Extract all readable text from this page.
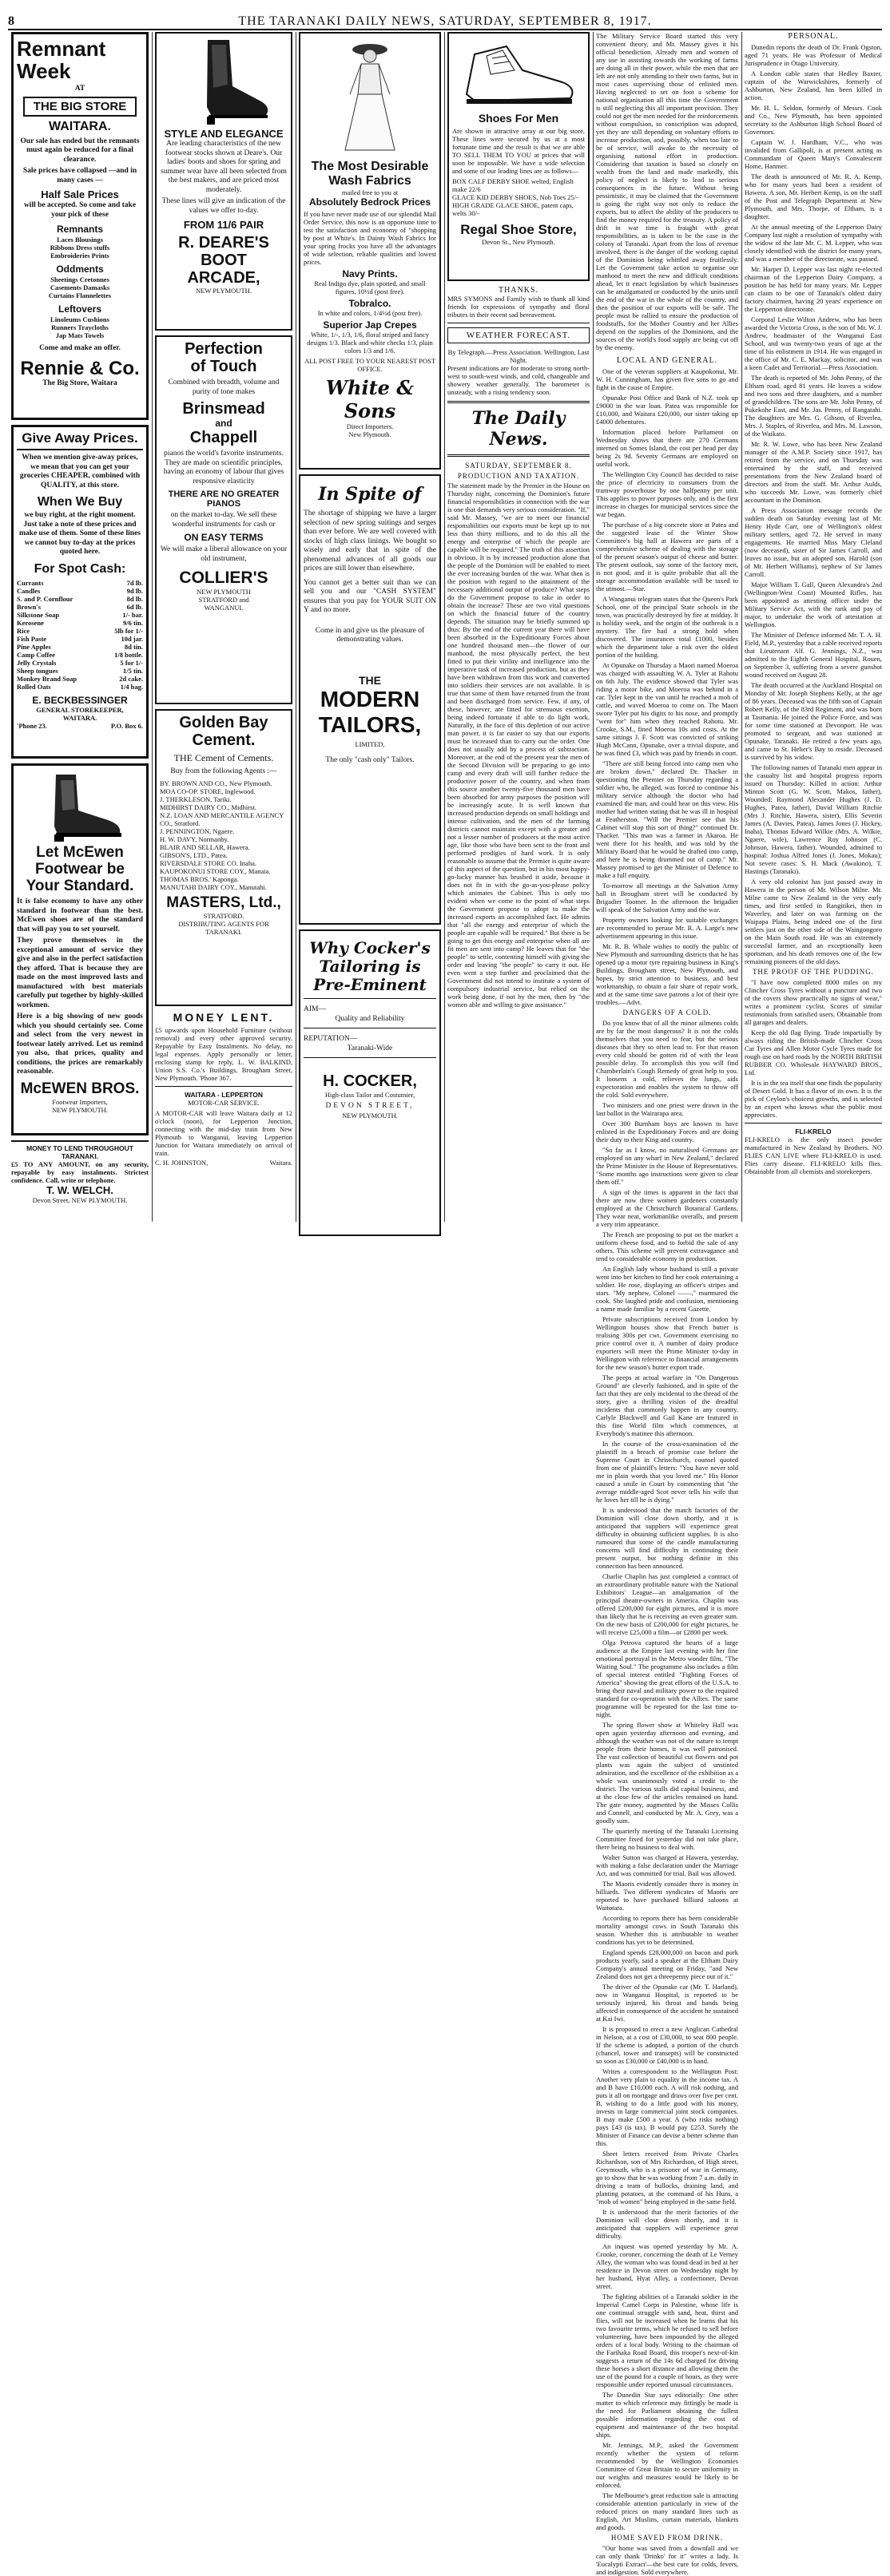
8	THE TARANAKI DAILY NEWS, SATURDAY, SEPTEMBER 8, 1917.
Remnant
Week
AT
THE BIG STORE
WAITARA.
Our sale has ended but the remnants must again be reduced for a final clearance.
Sale prices have collapsed —and in many cases —
Half Sale Prices
will be accepted. So come and take your pick of these
Remnants
Laces Blousings
Ribbons Dress stuffs
Embroideries Prints
Oddments
Sheetings Cretonnes
Casements Damasks
Curtains Flannelettes
Leftovers
Linoleums Cushions
Runners Traycloths
Jap Mats Towels
Come and make an offer.
Rennie & Co.
The Big Store, Waitara
Give Away Prices.
When we mention give-away prices, we mean that you can get your groceries CHEAPER, combined with QUALITY, at this store.
When We Buy
we buy right, at the right moment. Just take a note of these prices and make use of them. Some of these lines we cannot buy to-day at the prices quoted here.
For Spot Cash:
Currants	7d lb.
Candles	9d lb.
S. and P. Cornflour	8d lb.
Brown's	6d lb.
Silkstone Soap	1/- bar.
Kerosene	9/6 tin.
Rice	5lb for 1/-
Fish Paste	10d jar.
Pine Apples	8d tin.
Camp Coffee	1/8 bottle.
Jelly Crystals	5 for 1/-
Sheep tongues	1/5 tin.
Monkey Brand Soap	2d cake.
Rolled Oats	1/4 bag.
E. BECKBESSINGER
GENERAL STOREKEEPER,
WAITARA.
'Phone 23.	P.O. Box 6.
Let McEwen
Footwear be
Your Standard.
It is false economy to have any other standard in footwear than the best. McEwen shoes are of the standard that will pay you to set yourself.
They prove themselves in the exceptional amount of service they give and also in the perfect satisfaction they afford. That is because they are made on the most improved lasts and manufactured with best materials carefully put together by highly-skilled workmen.
Here is a big showing of new goods which you should certainly see. Come and select from the very newest in footwear lately arrived. Let us remind you also, that prices, quality and conditions, the prices are remarkably reasonable.
McEWEN BROS.
Footwear Importers,
NEW PLYMOUTH.
MONEY TO LEND THROUGHOUT TARANAKI.
£5 TO ANY AMOUNT, on any security, repayable by easy instalments. Strictest confidence. Call, write or telephone.
T. W. WELCH.
Devon Street, NEW PLYMOUTH.
STYLE AND ELEGANCE
Are leading characteristics of the new footwear stocks shown at Deare's. Our ladies' boots and shoes for spring and summer wear have all been selected from the best makers, and are priced most moderately.
These lines will give an indication of the values we offer to-day.
FROM 11/6 PAIR
R. DEARE'S
BOOT
ARCADE,
NEW PLYMOUTH.
Perfection
of Touch
Combined with breadth, volume and purity of tone makes
Brinsmead
and
Chappell
pianos the world's favorite instruments. They are made on scientific principles, having an economy of labour that gives responsive elasticity
THERE ARE NO GREATER PIANOS
on the market to-day. We sell these wonderful instruments for cash or
ON EASY TERMS
We will make a liberal allowance on your old instrument,
COLLIER'S
NEW PLYMOUTH
STRATFORD and
WANGANUI.
Golden Bay
Cement.
THE Cement of Cements.
Buy from the following Agents :—
BY. BROWN AND CO., New Plymouth.
MOA CO-OP. STORE, Inglewood.
J. THERKLESON, Tariki.
MIDHIRST DAIRY CO., Midhirst.
N.Z. LOAN AND MERCANTILE AGENCY CO., Stratford.
J. PENNINGTON, Ngaere.
H. W. DAVY, Normanby.
BLAIR AND SELLAR, Hawera.
GIBSON'S, LTD., Patea.
RIVERSDALE STORE CO. Inaha.
KAUPOKONUI STORE COY., Manaia.
THOMAS BROS.' Kaponga.
MANUTAHI DAIRY COY., Manutahi.
MASTERS, Ltd.,
STRATFORD.
DISTRIBUTING AGENTS FOR TARANAKI.
MONEY LENT.
£5 upwards upon Household Furniture (without removal) and every other approved security. Repayable by Easy Instalments. No delay, no legal expenses. Apply personally or letter, enclosing stamp for reply, L. W. BALKIND, Union S.S. Co.'s Buildings, Brougham Street, New Plymouth. 'Phone 367.
WAITARA - LEPPERTON
MOTOR-CAR SERVICE.
A MOTOR-CAR will leave Waitara daily at 12 o'clock (noon), for Lepperton Junction, connecting with the mid-day train from New Plymouth to Wanganui, leaving Lepperton Junction for Waitara immediately on arrival of train.
C. H. JOHNSTON,	Waitara.
The Most Desirable
Wash Fabrics
mailed free to you at
Absolutely Bedrock Prices
If you have never made use of our splendid Mail Order Service, this now is an opportune time to test the satisfaction and economy of "shopping by post at White's. In Dainty Wash Fabrics for your spring frocks you have all the advantages of wide selection, reliable qualities and lowest prices.
Navy Prints.
Real Indigo dye, plain spotted, and small figures, 10½d (post free).
Tobralco.
In white and colors, 1/4½d (post free).
Superior Jap Crepes
White, 1/-, 1/3, 1/6, floral striped and fancy designs 1/3. Black and white checks 1/3, plain colors 1/3 and 1/6.
ALL POST FREE TO YOUR NEAREST POST OFFICE.
White & Sons
Direct Importers.
New Plymouth.
In Spite of
The shortage of shipping we have a larger selection of new spring suitings and serges than ever before. We are well covered with stocks of high class linings. We bought so wisely and early that in spite of the phenomenal advances of all goods our prices are still lower than elsewhere.
You cannot get a better suit than we can sell you and our "CASH SYSTEM" ensures that you pay for YOUR SUIT ON Y and no more.
Come in and give us the pleasure of demonstrating values.
THE
MODERN
TAILORS,
LIMITED,
The only "cash only" Tailors.
Why Cocker's
Tailoring is
Pre-Eminent
AIM—
Quality and Reliability
REPUTATION—
Taranaki-Wide
H. COCKER,
High-class Tailor and Costumier,
DEVON STREET,
NEW PLYMOUTH.
Shoes For Men
Are shown in attractive array at our big store. These lines were secured by us at a most fortunate time and the result is that we are able TO SELL THEM TO YOU at prices that will soon be impossible. We have a wide selection and some of our leading lines are as follows—
BOX CALF DERBY SHOE welted, English make 22/6
GLACE KID DERBY SHOES, Nob Toes 25/-
HIGH GRADE GLACE SHOE, patent caps, welts 30/-
Regal Shoe Store,
Devon St., New Plymouth.
THANKS.
MRS SYMONS and Family wish to thank all kind friends for expressions of sympathy and floral tributes in their recent sad bereavement.
WEATHER FORECAST.
By Telegraph.—Press Association. Wellington, Last Night.
Present indications are for moderate to strong north-west to south-west winds, and cold, changeable and showery weather generally. The barometer is unsteady, with a rising tendency soon.
The Daily News.
SATURDAY, SEPTEMBER 8.
PRODUCTION AND TAXATION.
The statement made by the Premier in the House on Thursday night, concerning the Dominion's future financial responsibilities in connection with the war is one that demands very serious consideration. "If," said Mr. Massey, "we are to meet our financial responsibilities our exports must be kept up to not less than thirty millions, and to do this all the energy and enterprise of which the people are capable will be required." The truth of this assertion is obvious. It is by increased production alone that the people of the Dominion will be enabled to meet the ever increasing burden of the war. What then is the position with regard to the attainment of the necessary additional output of produce? What steps do the Government propose to take in order to obtain the increase? These are two vital questions on which the financial future of the country depends. The situation may be briefly summed up thus: By the end of the current year there will have been absorbed in the Expeditionary Forces about one hundred thousand men—the flower of our manhood, the most physically perfect, the best fitted to put their virility and intelligence into the imperative task of increased production, but as they have been withdrawn from this work and converted into soldiers their services are not available. It is true that some of them have returned from the front and been discharged from service. Few, if any, of these, however, are fitted for strenuous exertion, being indeed fortunate if able to do light work. Naturally, in the face of this depletion of our active man power, it is far easier to say that our exports must be increased than to carry out the order. One does not usually add by a process of subtraction. Moreover, at the end of the present year the men of the Second Division will be preparing to go into camp and every draft will still further reduce the productive power of the country, and when from this source another twenty-five thousand men have been absorbed for army purposes the position will be increasingly acute. It is well known that increased production depends on small holdings and intense cultivation, and the men of the farming districts cannot maintain except with a greater and not a lesser number of producers at the most active age, like those who have been sent to the front and performed prodigies of hard work. It is only reasonable to assume that the Premier is quite aware of this aspect of the question, but in his most happy-go-lucky manner has brushed it aside, because it does not fit in with the go-as-you-please policy which animates the Cabinet. This is only too evident when we come to the point of what steps the Government propose to adopt to make the increased exports an accomplished fact. He admits that "all the energy and enterprise of which the people are capable will be required." But there is be going to get this energy and enterprise when all are fit men are sent into camp? He leaves that for "the people" to settle, contenting himself with giving the order and leaving "the people" to carry it out. He even went a step further and proclaimed that the Government did not intend to institute a system of compulsory industrial service, but relied on the work being done, if not by the men, then by "the women able and willing to give assistance."
The Military Service Board started this very convenient theory, and Mr. Massey gives it his official benediction. Already men and women of any use in assisting towards the working of farms are doing all in their power, while the men that are left are not only attending to their own farms, but in most cases supervising those of enlisted men. Having neglected to set on foot a scheme for national organisation all this time the Government is still neglecting this all important provision. They could not get the men needed for the reinforcements without compulsion, so conscription was adopted, yet they are still depending on voluntary efforts to increase production, and, possibly, when too late to be of service, will awake to the necessity of organising national effort in production. Considering that taxation is based so closely on wealth from the land and made markedly, this policy of neglect is likely to lead to serious consequences in the future. Without being pessimistic, it may be claimed that the Government is going the right way not only to reduce the exports, but to affect the ability of the producers to find the money required for the treasury. A policy of drift in war time is fraught with great responsibilities, as is taken to be the case in the colony of Taranaki. Apart from the loss of revenue involved, there is the danger of the working capital of the Dominion being whittled away fruitlessly. Let the Government take action to organise our manhood to meet the new and difficult conditions ahead, let it enact legislation by which businesses can be amalgamated or conducted by the units until the end of the war in the whole of the country, and then the position of our exports will be safe. The people must be rallied to ensure the production of foodstuffs, for the Mother Country and her Allies depend on the supplies of the Dominions, and the sources of the world's food supply are being cut off by the enemy.
LOCAL AND GENERAL.

One of the veteran suppliers at Kaupokonui, Mr. W. H. Cunningham, has given five sons to go and fight in the cause of Empire.

Opunake Post Office and Bank of N.Z. took up £9000 in the war loan. Patea was responsible for £10,000, and Waitara £20,000, our sister taking up £4000 debentures.

Information placed before Parliament on Wednesday shows that there are 270 Germans interned on Somes Island, the cost per head per day being 2s 9d. Seventy Germans are employed on useful work.

The Wellington City Council has decided to raise the price of electricity to consumers from the tramway powerhouse by one halfpenny per unit. This applies to power purposes only, and is the first increase in charges for municipal services since the war began.

The purchase of a big concrete store at Patea and the suggested lease of the Winter Show Committee's big hall at Hawera are parts of a comprehensive scheme of dealing with the storage of the present season's output of cheese and butter. The present outlook, say some of the factory men, is not good, and it is quite probable that all the storage accommodation available will be taxed to the utmost.—Star.

A Wanganui telegram states that the Queen's Park School, one of the principal State schools in the town, was practically destroyed by fire at midday. It is holiday week, and the origin of the outbreak is a mystery. The fire had a strong hold when discovered. The insurances total £1000, besides which the department take a risk over the oldest portion of the building.

At Opunake on Thursday a Maori named Moeroa was charged with assaulting W. A. Tyler at Rahotu on 6th July. The evidence showed that Tyler was riding a motor bike, and Moeroa was behind in a car. Tyler kept in the van until he reached a mob of cattle, and waved Moeroa to come on. The Maori swore Tyler put his digits to his nose, and promptly "went for" him when they reached Rahotu. Mr. Crooke, S.M., fined Moeroa 10s and costs. At the same sittings J. F. Scott was convicted of striking Hugh McCann, Opunake, over a trivial dispute, and he was fined £3, which was paid by friends in court.

"There are still being forced into camp men who are broken down," declared Dr. Thacker in questioning the Premier on Thursday regarding a soldier who, he alleged, was forced to continue his military service although the doctor who had examined the man, and could hear on this view. His mother had written stating that he was ill in hospital at Featherston. "Will the Premier see that his Cabinet will stop this sort of thing?" continued Dr. Thacker. "This man was a farmer in Akaroa. He went there for his health, and was told by the Military Board that he would be drafted into camp, and here he is being drummed out of camp." Mr. Massey promised to get the Minister of Defence to make a full enquiry.

To-morrow all meetings at the Salvation Army hall in Brougham street will be conducted by Brigadier Toomer. In the afternoon the brigadier will speak of the Salvation Army and the war.

Property owners looking for suitable exchanges are recommended to peruse Mr. R. A. Large's new advertisement appearing in this issue.

Mr. R. B. Whale wishes to notify the public of New Plymouth and surrounding districts that he has opened up a motor tyre repairing business in King's Buildings, Brougham street, New Plymouth, and hopes, by strict attention to business, and best workmanship, to obtain a fair share of repair work, and at the same time save patrons a lot of their tyre troubles.—Advt.

DANGERS OF A COLD.

Do you know that of all the minor ailments colds are by far the most dangerous? It is not the colds themselves that you need to fear, but the serious diseases that they so often lead to. For that reason every cold should be gotten rid of with the least possible delay. To accomplish this you will find Chamberlain's Cough Remedy of great help to you. It loosens a cold, relieves the lungs, aids expectoration and enables the system to throw off the cold. Sold everywhere.

Two ministers and one priest were drawn in the last ballot in the Wairarapa area.

Over 300 Burnham boys are known to have enlisted in the Expeditionary Forces and are doing their duty to their King and country.

"So far as I know, no naturalised Germans are employed on any wharf in New Zealand," declared the Prime Minister in the House of Representatives. "Some months ago instructions were given to clear them off."

A sign of the times is apparent in the fact that there are now three women gardeners constantly employed at the Christchurch Botanical Gardens. They wear neat, workmanlike overalls, and present a very trim appearance.

The French are proposing to put on the market a uniform cheese food, and to forbid the sale of any others. This scheme will prevent extravagance and tend to considerable economy in production.

An English lady whose husband is still a private went into her kitchen to find her cook entertaining a soldier. He rose, displaying an officer's stripes and stars. "My nephew, Colonel ——," murmured the cook. She laughed pride and confusion, mentioning a name made familiar by a recent Gazette.

Private subscriptions received from London by Wellington houses show that French butter is realising 300s per cwt. Government exercising no price control over it. A number of dairy produce exporters will meet the Prime Minister to-day in Wellington with reference to financial arrangements for the new season's butter export trade.

The peeps at actual warfare in "On Dangerous Ground" are cleverly fashioned, and in spite of the fact that they are only incidental to the thread of the story, give a thrilling vision of the dreadful incidents that commonly happen in any country. Carlyle Blackwell and Gail Kane are featured in this fine World film which commences, at Everybody's matinee this afternoon.

In the course of the cross-examination of the plaintiff in a breach of promise case before the Supreme Court in Christchurch, counsel quoted from one of plaintiff's letters: "You have never told me in plain words that you loved me." His Honor caused a smile in Court by commenting that "the average middle-aged Scot never tells his wife that he loves her till he is dying."

It is understood that the match factories of the Dominion will close down shortly, and it is anticipated that suppliers will experience great difficulty in obtaining sufficient supplies. It is also rumoured that some of the candle manufacturing concerns will find difficulty in continuing their present output, but nothing definite in this connection has been announced.

Charlie Chaplin has just completed a contract of an extraordinary profitable nature with the National Exhibitors' League—an amalgamation of the principal theatre-owners in America. Chaplin was offered £200,000 for eight pictures, and it is more than likely that he is receiving an even greater sum. On the new basis of £200,000 for eight pictures, he will receive £25,000 a film—or £2800 per week.

Olga Petrova captured the hearts of a large audience at the Empire last evening with her fine emotional portrayal in the Metro wonder film, "The Waiting Soul." The programme also includes a film of special interest entitled "Fighting Forces of America" showing the great efforts of the U.S.A. to bring their naval and military power to the required standard for co-operation with the Allies. The same programme will be repeated for the last time to-night.

The spring flower show at Whiteley Hall was open again yesterday afternoon and evening, and although the weather was not of the nature to tempt people from their homes, it was well patronised. The vast collection of beautiful cut flowers and pot plants was again the subject of unstinted admiration, and the excellence of the exhibition as a whole was unanimously voted a credit to the district. The various stalls did capital business, and at the close few of the articles remained on hand. The gate money, augmented by the Misses Collis and Connell, and conducted by Mr. A. Grey, was a goodly sum.

The quarterly meeting of the Taranaki Licensing Committee fixed for yesterday did not take place, there being no business to deal with.

Walter Sutton was charged at Hawera, yesterday, with making a false declaration under the Marriage Act, and was committed for trial. Bail was allowed.

The Maoris evidently consider there is money in billiards. Two different syndicates of Maoris are reported to have purchased billiard saloons at Waitotara.

According to reports there has been considerable mortality amongst cows in South Taranaki this season. Whether this is attributable to weather conditions has yet to be determined.

England spends £28,000,000 on bacon and pork products yearly, said a speaker at the Eltham Dairy Company's annual meeting on Friday, "and New Zealand does not get a threepenny piece out of it."

The driver of the Opunake car (Mr. T. Harland), now in Wanganui Hospital, is reported to be seriously injured, his throat and hands being affected in consequence of the accident he sustained at Kai Iwi.

It is proposed to erect a new Anglican Cathedral in Nelson, at a cost of £30,000, to seat 800 people. If the scheme is adopted, a portion of the church (chancel, tower and transepts) will be constructed so soon as £30,000 or £40,000 is in hand.

Writes a correspondent to the Wellington Post: Another very plain to equality in the income tax. A and B have £10,000 each. A will risk nothing, and puts it all on mortgage and draws over five per cent. B, wishing to do a little good with his money, invests in large commercial joint stock companies. B may make £500 a year. A (who risks nothing) pays £43 (is tax). B would pay £253. Surely the Minister of Finance can devise a better scheme than this.

Sheet letters received from Private Charles Richardson, son of Mrs Richardson, of High street, Greymouth, who is a prisoner of war in Germany, go to show that he was working from 7 a.m. daily in driving a team of bullocks, draining land, and planting potatoes, at the command of his Huns, a "mob of women" being employed in the same field.

It is understood that the merit factories of the Dominion will close down shortly, and it is anticipated that suppliers will experience great difficulty.

An inquest was opened yesterday by Mr. A. Crooke, coroner, concerning the death of Le Verney Alley, the woman who was found dead in bed at her residence in Devon street on Wednesday night by her husband, Hyat Alley, a confectioner, Devon street.

The fighting abilities of a Taranaki soldier in the Imperial Camel Corps in Palestine, whose life is one continual struggle with sand, heat, thirst and flies, will not be increased when he learns that his two favourite terms, which he refused to sell before volunteering, have been impounded by the alleged orders of a local body. Writing to the chairman of the Farihaka Road Board, this trooper's next-of-kin suggests a return of the 14s 6d charged for driving these horses a short distance and allowing them the use of the pound for a couple of hours, as they were responsible under reported unusual circumstances.

The Dunedin Star says editorially: One other matter to which reference may fittingly be made is the need for Parliament obtaining the fullest possible information regarding the cost of equipment and maintenance of the two hospital ships.

Mr. Jennings, M.P., asked the Government recently whether the system of reform recommended by the Wellington Economies Committee of Great Britain to secure uniformity in our weights and measures would be likely to be enforced.

The Melbourne's great reduction sale is attracting considerable attention particularly in view of the reduced prices on many standard lines such as English, Art Muslins, curtain materials, blankets and goods.

HOME SAVED FROM DRINK.

"Our home was saved from a downfall and we can only thank 'Drinko' for it" writes a lady. Is 'Eucalypti Extract'—the best cure for colds, fevers, and indigestion. Sold everywhere.

PERSONAL.

Dunedin reports the death of Dr. Frank Ogston, aged 71 years. He was Professor of Medical Jurisprudence in Otago University.

A London cable states that Hedley Baxter, captain of the Warwickshires, formerly of Ashburton, New Zealand, has been killed in action.

Mr. H. L. Seldon, formerly of Messrs. Cook and Co., New Plymouth, has been appointed secretary to the Ashburton High School Board of Governors.

Captain W. J. Hardham, V.C., who was invalided from Gallipoli, is at present acting as Commandant of Queen Mary's Convalescent Home, Hanmer.

The death is announced of Mr. R. A. Kemp, who for many years had been a resident of Hawera. A son, Mr. Herbert Kemp, is on the staff of the Post and Telegraph Department at New Plymouth, and Mrs. Thorpe, of Eltham, is a daughter.

At the annual meeting of the Lepperton Dairy Company last night a resolution of sympathy with the widow of the late Mr. C. M. Lepper, who was closely identified with the district for many years, and was a member of the directorate, was passed.

Mr. Harper D. Lepper was last night re-elected chairman of the Lepperton Dairy Company, a position he has held for many years. Mr. Lepper can claim to be one of Taranaki's oldest dairy factory chairmen, having 20 years' experience on the Lepperton directorate.

Corporal Leslie Wilton Andrew, who has been awarded the Victoria Cross, is the son of Mr. W. J. Andrew, headmaster of the Wanganui East School, and was twenty-two years of age at the time of his enlistment in 1914. He was engaged in the office of Mr. C. E. Mackay, solicitor, and was a keen Cadet and Territorial.—Press Association.

The death is reported of Mr. John Penny, of the Eltham road, aged 81 years. He leaves a widow and two sons and three daughters, and a number of grandchildren. The sons are Mr. John Penny, of Pukekohe East, and Mr. Jas. Penny, of Rangatahi. The daughters are Mrs. G. Gibson, of Riverlea, Mrs. J. Staples, of Riverlea, and Mrs. M. Lawson, of the Waikato.

Mr. R. W. Lowe, who has been New Zealand manager of the A.M.P. Society since 1917, has retired from the service, and on Thursday was entertained by the staff, and received presentations from the New Zealand board of directors and from the staff. Mr. Arthur Aulds, who succeeds Mr. Lowe, was formerly chief accountant in the Dominion.

A Press Association message records the sudden death on Saturday evening last of Mr. Henry Hyde Carr, one of Wellington's oldest military settlers, aged 72. He served in many engagements. He married Miss Mary Cleland (now deceased), sister of Sir James Carroll, and leaves no issue, but an adopted son, Harold (son of Mr. Herbert Williams), nephew of Sir James Carroll.

Major William T. Gall, Queen Alexandra's 2nd (Wellington-West Coast) Mounted Rifles, has been appointed as attesting officer under the Military Service Act, with the rank and pay of major, to undertake the work of attestation at Wellington.

The Minister of Defence informed Mr. T. A. H. Field, M.P., yesterday that a cable received reports that Lieutenant Alf. G. Jennings, N.Z., was admitted to the Eighth General Hospital, Rouen, on September 3, suffering from a severe gunshot wound received on August 28.

The death occurred at the Auckland Hospital on Monday of Mr. Joseph Stephens Kelly, at the age of 86 years. Deceased was the fifth son of Captain Robert Kelly, of the 83rd Regiment, and was born at Tasmania. He joined the Police Force, and was for some time stationed at Devonport. He was promoted to sergeant, and was stationed at Opunake, Taranaki. He retired a few years ago, and came to St. Helier's Bay to reside. Deceased is survived by his widow.

The following names of Taranaki men appear in the casualty list and hospital progress reports issued on Thursday: Killed in action: Arthur Minton Scott (G. W. Scott, Makos, father), Wounded: Raymond Alexander Hughes (J. D. Hughes, Patea, father), David William Ritchie (Mrs J. Ritchie, Hawera, sister), Ellis Severin James (A. Davies, Patea), James Jones (J. Hickey, Inaha), Thomas Edward Wilkie (Mrs. A. Wilkie, Ngaere, wife), Lawrence Roy Johnson (C. Johnson, Hawera, father). Wounded, admitted to hospital: Joshua Alfred Jones (J. Jones, Mokau); Not severe cases: S. H. Mack (Awakino), T. Hastings (Taranaki).

A very old colonist has just passed away in Hawera in the person of Mr. Wilson Milne. Mr. Milne came to New Zealand in the very early times, and first settled in Rangitikei, then in Waverley, and later on was farming on the Waipapa Plains, being indeed one of the first settlers just on the other side of the Waingongoro on the Main South road. He was an extremely successful farmer, and an exceptionally keen sportsman, and his death removes one of the few remaining pioneers of the old days.

THE PROOF OF THE PUDDING.

"I have now completed 8000 miles on my Clincher Cross Tyres without a puncture and two of the covers show practically no signs of wear," writes a prominent cyclist. Scores of similar testimonials from satisfied users. Obtainable from all garages and dealers.

Keep the old flag flying. Trade impartially by always riding the British-made Clincher Cross Car Tyres and Allen Motor Cycle Tyres made for rough use on hard roads by the NORTH BRITISH RUBBER CO. Wholesale HAYWARD BROS., Ltd.

It is in the tea itself that one finds the popularity of Desert Gold. It has a flavor of its own. It is the pick of Ceylon's choicest growths, and is selected by an expert who knows what the public most appreciates.

FLI-KRELO
FLI-KRELO is the only insect powder manufactured in New Zealand by Brothers. NO FLIES CAN LIVE where FLI-KRELO is used. Flies carry disease. FLI-KRELO kills flies. Obtainable from all chemists and storekeepers.
